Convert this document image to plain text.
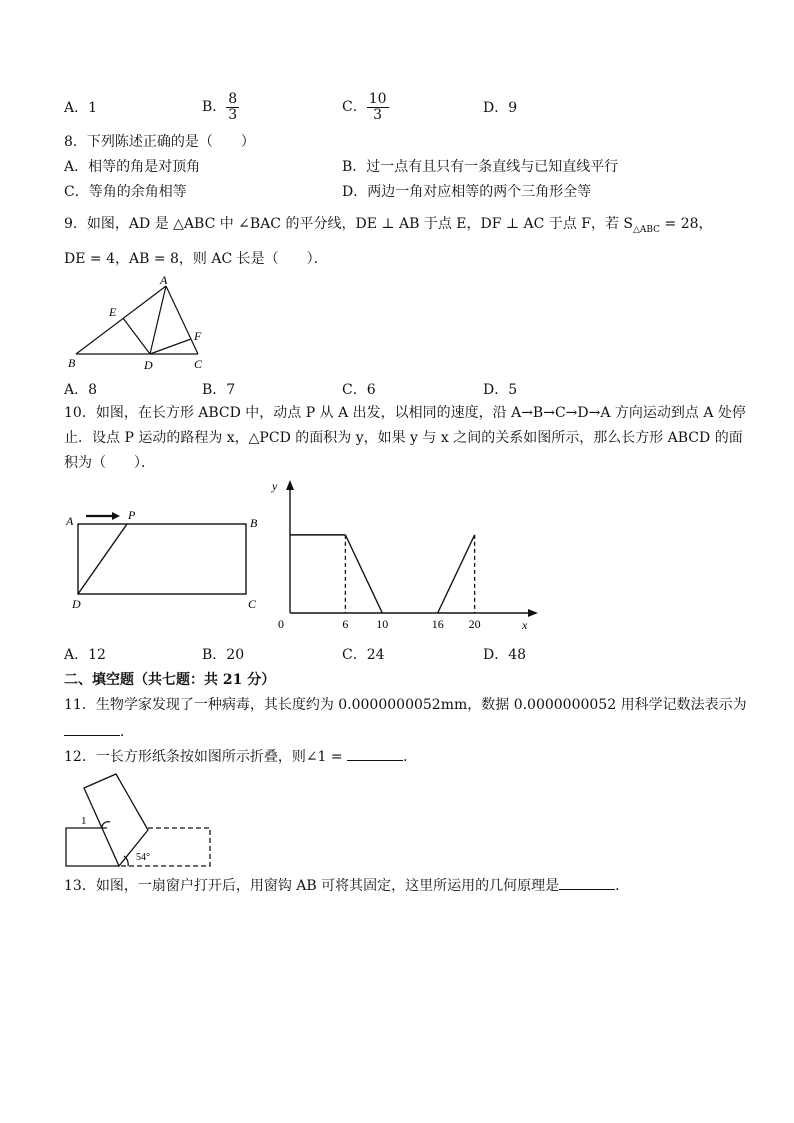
A．1	B． $\frac{8}{3}$	C． $\frac{10}{3}$	D．9
8．下列陈述正确的是（　　）
A．相等的角是对顶角	B．过一点有且只有一条直线与已知直线平行
C．等角的余角相等	D．两边一角对应相等的两个三角形全等
9．如图，AD 是 △ABC 中 ∠BAC 的平分线，DE ⊥ AB 于点 E，DF ⊥ AC 于点 F，若 $S_{\triangle ABC} = 28$，
DE = 4，AB = 8，则 AC 长是（　　）．
A
B	C
D
E
F
A．8	B．7	C．6	D．5
10．如图，在长方形 ABCD 中，动点 P 从 A 出发，以相同的速度，沿 A→B→C→D→A 方向运动到点 A 处停
止．设点 P 运动的路程为 x，△PCD 的面积为 y，如果 y 与 x 之间的关系如图所示，那么长方形 ABCD 的面
积为（　　）．
A	B
C
D
P
y
x
0	6 10	16 20
A．12	B．20	C．24	D．48
二、填空题（共七题：共 21 分）
11．生物学家发现了一种病毒，其长度约为 0.0000000052mm，数据 0.0000000052 用科学记数法表示为
．
12．一长方形纸条按如图所示折叠，则∠1 =	．
1
54°
13．如图，一扇窗户打开后，用窗钩 AB 可将其固定，这里所运用的几何原理是	．
